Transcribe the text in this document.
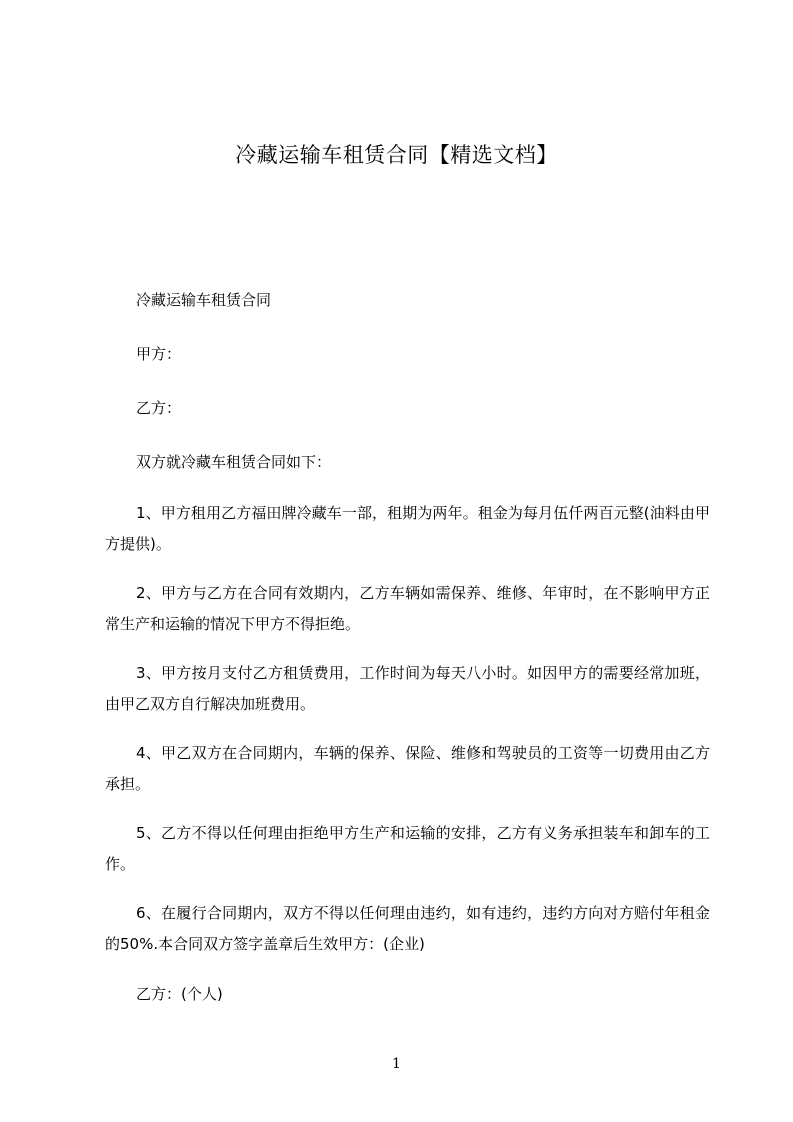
冷藏运输车租赁合同【精选文档】
冷藏运输车租赁合同
甲方：
乙方：
双方就冷藏车租赁合同如下：

1、甲方租用乙方福田牌冷藏车一部，租期为两年。租金为每月伍仟两百元整(油料由甲方提供)。

2、甲方与乙方在合同有效期内，乙方车辆如需保养、维修、年审时，在不影响甲方正常生产和运输的情况下甲方不得拒绝。

3、甲方按月支付乙方租赁费用，工作时间为每天八小时。如因甲方的需要经常加班，由甲乙双方自行解决加班费用。

4、甲乙双方在合同期内，车辆的保养、保险、维修和驾驶员的工资等一切费用由乙方承担。

5、乙方不得以任何理由拒绝甲方生产和运输的安排，乙方有义务承担装车和卸车的工作。

6、在履行合同期内，双方不得以任何理由违约，如有违约，违约方向对方赔付年租金的50%.本合同双方签字盖章后生效甲方：(企业)

乙方：(个人)
1
